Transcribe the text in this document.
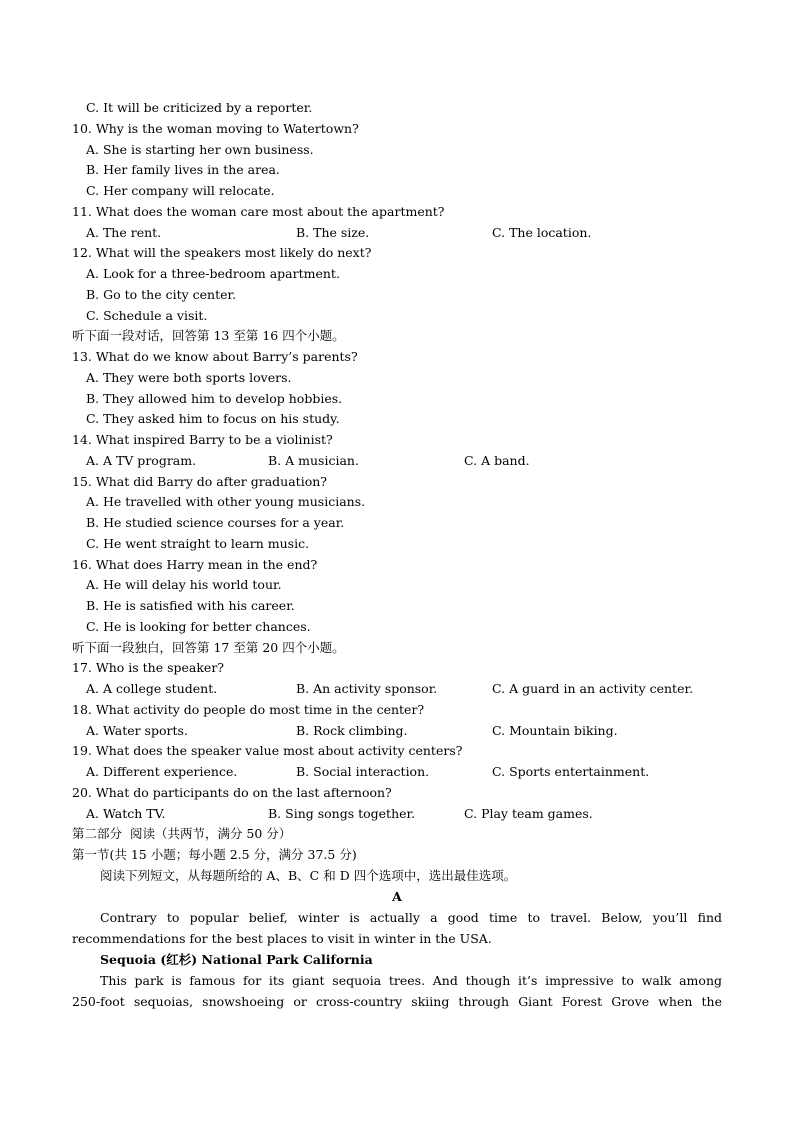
C. It will be criticized by a reporter.
10. Why is the woman moving to Watertown?
A. She is starting her own business.
B. Her family lives in the area.
C. Her company will relocate.
11. What does the woman care most about the apartment?
A. The rent.	B. The size.	C. The location.
12. What will the speakers most likely do next?
A. Look for a three-bedroom apartment.
B. Go to the city center.
C. Schedule a visit.
听下面一段对话，回答第 13 至第 16 四个小题。
13. What do we know about Barry’s parents?
A. They were both sports lovers.
B. They allowed him to develop hobbies.
C. They asked him to focus on his study.
14. What inspired Barry to be a violinist?
A. A TV program.	B. A musician.	C. A band.
15. What did Barry do after graduation?
A. He travelled with other young musicians.
B. He studied science courses for a year.
C. He went straight to learn music.
16. What does Harry mean in the end?
A. He will delay his world tour.
B. He is satisfied with his career.
C. He is looking for better chances.
听下面一段独白，回答第 17 至第 20 四个小题。
17. Who is the speaker?
A. A college student.	B. An activity sponsor.	C. A guard in an activity center.
18. What activity do people do most time in the center?
A. Water sports.	B. Rock climbing.	C. Mountain biking.
19. What does the speaker value most about activity centers?
A. Different experience.	B. Social interaction.	C. Sports entertainment.
20. What do participants do on the last afternoon?
A. Watch TV.	B. Sing songs together.	C. Play team games.
第二部分  阅读（共两节，满分 50 分）
第一节(共 15 小题；每小题 2.5 分，满分 37.5 分)
阅读下列短文，从每题所给的 A、B、C 和 D 四个选项中，选出最佳选项。
A
Contrary to popular belief, winter is actually a good time to travel. Below, you’ll find
recommendations for the best places to visit in winter in the USA.
Sequoia (红杉) National Park California
This park is famous for its giant sequoia trees. And though it’s impressive to walk among
250-foot sequoias, snowshoeing or cross-country skiing through Giant Forest Grove when the
